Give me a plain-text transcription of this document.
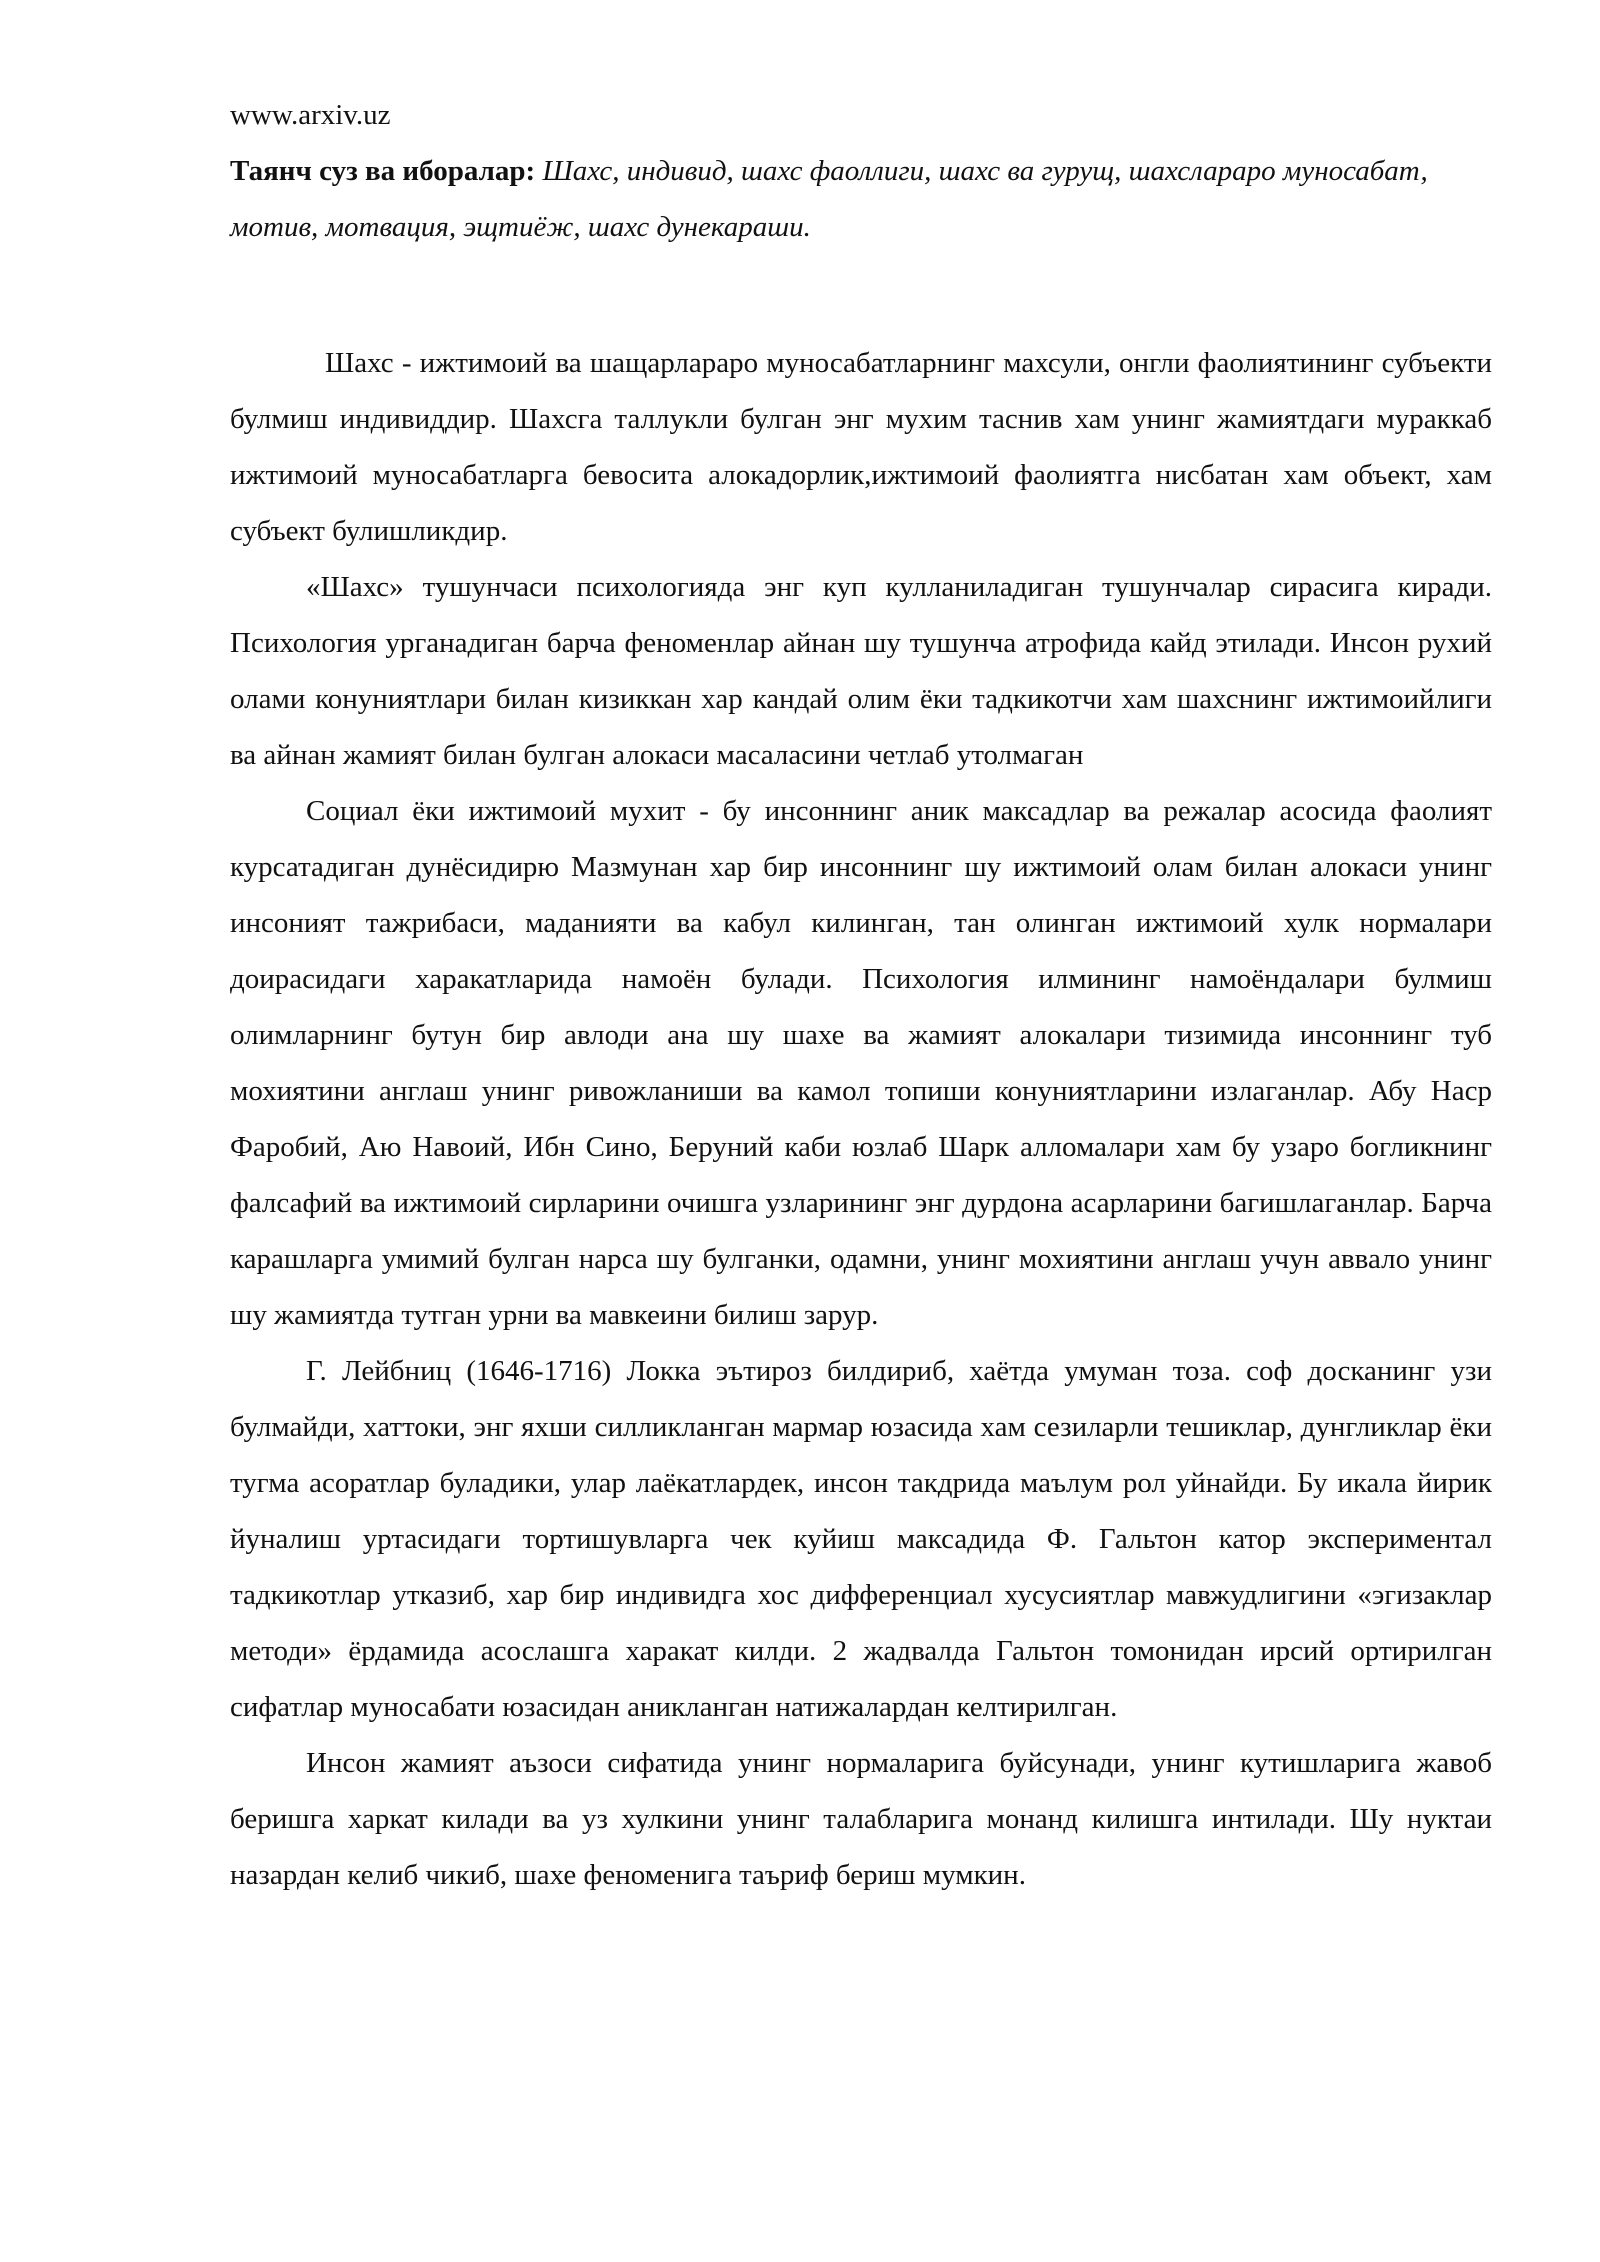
www.arxiv.uz

Таянч суз ва иборалар: Шахс, индивид, шахс фаоллиги, шахс ва гурущ, шахслараро муносабат, мотив, мотвация, эщтиёж, шахс дунекараши.

Шахс - ижтимоий ва шащарлараро муносабатларнинг махсули, онгли фаолиятининг субъекти булмиш индивиддир. Шахсга таллукли булган энг мухим таснив хам унинг жамиятдаги мураккаб ижтимоий муносабатларга бевосита алокадорлик,ижтимоий фаолиятга нисбатан хам объект, хам субъект булишликдир.

«Шахс» тушунчаси психологияда энг куп кулланиладиган тушунчалар сирасига киради. Психология урганадиган барча феноменлар айнан шу тушунча атрофида кайд этилади. Инсон рухий олами конуниятлари билан кизиккан хар кандай олим ёки тадкикотчи хам шахснинг ижтимоийлиги ва айнан жамият билан булган алокаси масаласини четлаб утолмаган

Социал ёки ижтимоий мухит - бу инсоннинг аник максадлар ва режалар асосида фаолият курсатадиган дунёсидирю Мазмунан хар бир инсоннинг шу ижтимоий олам билан алокаси унинг инсоният тажрибаси, маданияти ва кабул килинган, тан олинган ижтимоий хулк нормалари доирасидаги харакатларида намоён булади. Психология илмининг намоёндалари булмиш олимларнинг бутун бир авлоди ана шу шахе ва жамият алокалари тизимида инсоннинг туб мохиятини англаш унинг ривожланиши ва камол топиши конуниятларини излаганлар. Абу Наср Фаробий, Аю Навоий, Ибн Сино, Беруний каби юзлаб Шарк алломалари хам бу узаро богликнинг фалсафий ва ижтимоий сирларини очишга узларининг энг дурдона асарларини багишлаганлар. Барча карашларга умимий булган нарса шу булганки, одамни, унинг мохиятини англаш учун аввало унинг шу жамиятда тутган урни ва мавкеини билиш зарур.

Г. Лейбниц (1646-1716) Локка эътироз билдириб, хаётда умуман тоза. соф досканинг узи булмайди, хаттоки, энг яхши силликланган мармар юзасида хам сезиларли тешиклар, дунгликлар ёки тугма асоратлар буладики, улар лаёкатлардек, инсон такдрида маълум рол уйнайди. Бу икала йирик йуналиш уртасидаги тортишувларга чек куйиш максадида Ф. Гальтон катор экспериментал тадкикотлар утказиб, хар бир индивидга хос дифференциал хусусиятлар мавжудлигини «эгизаклар методи» ёрдамида асослашга харакат килди. 2 жадвалда Гальтон томонидан ирсий ортирилган сифатлар муносабати юзасидан аникланган натижалардан келтирилган.

Инсон жамият аъзоси сифатида унинг нормаларига буйсунади, унинг кутишларига жавоб беришга харкат килади ва уз хулкини унинг талабларига монанд килишга интилади. Шу нуктаи назардан келиб чикиб, шахе феноменига таъриф бериш мумкин.
